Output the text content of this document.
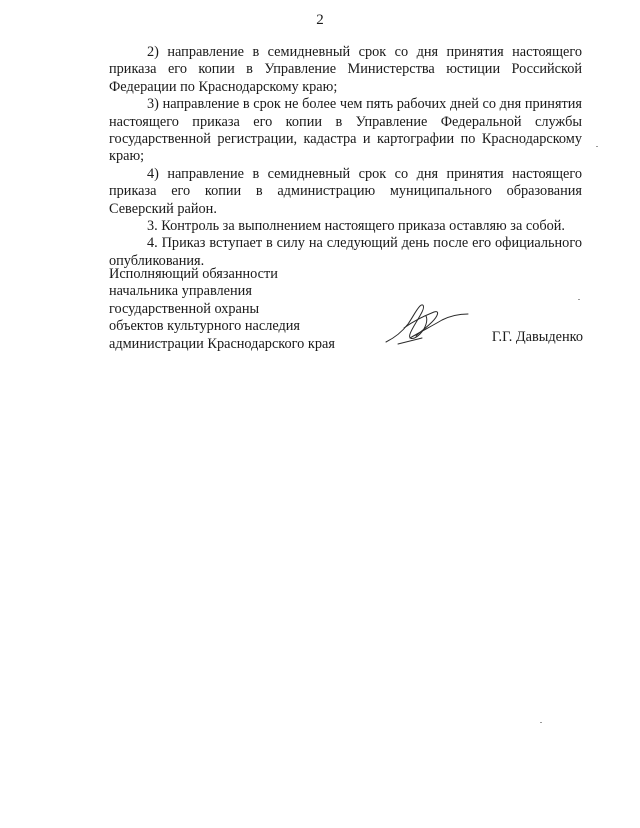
2

2) направление в семидневный срок со дня принятия настоящего приказа его копии в Управление Министерства юстиции Российской Федерации по Краснодарскому краю;

3) направление в срок не более чем пять рабочих дней со дня принятия настоящего приказа его копии в Управление Федеральной службы государственной регистрации, кадастра и картографии по Краснодарскому краю;

4) направление в семидневный срок со дня принятия настоящего приказа его копии в администрацию муниципального образования Северский район.

3. Контроль за выполнением настоящего приказа оставляю за собой.

4. Приказ вступает в силу на следующий день после его официального опубликования.

Исполняющий обязанности
начальника управления
государственной охраны
объектов культурного наследия
администрации Краснодарского края	Г.Г. Давыденко
